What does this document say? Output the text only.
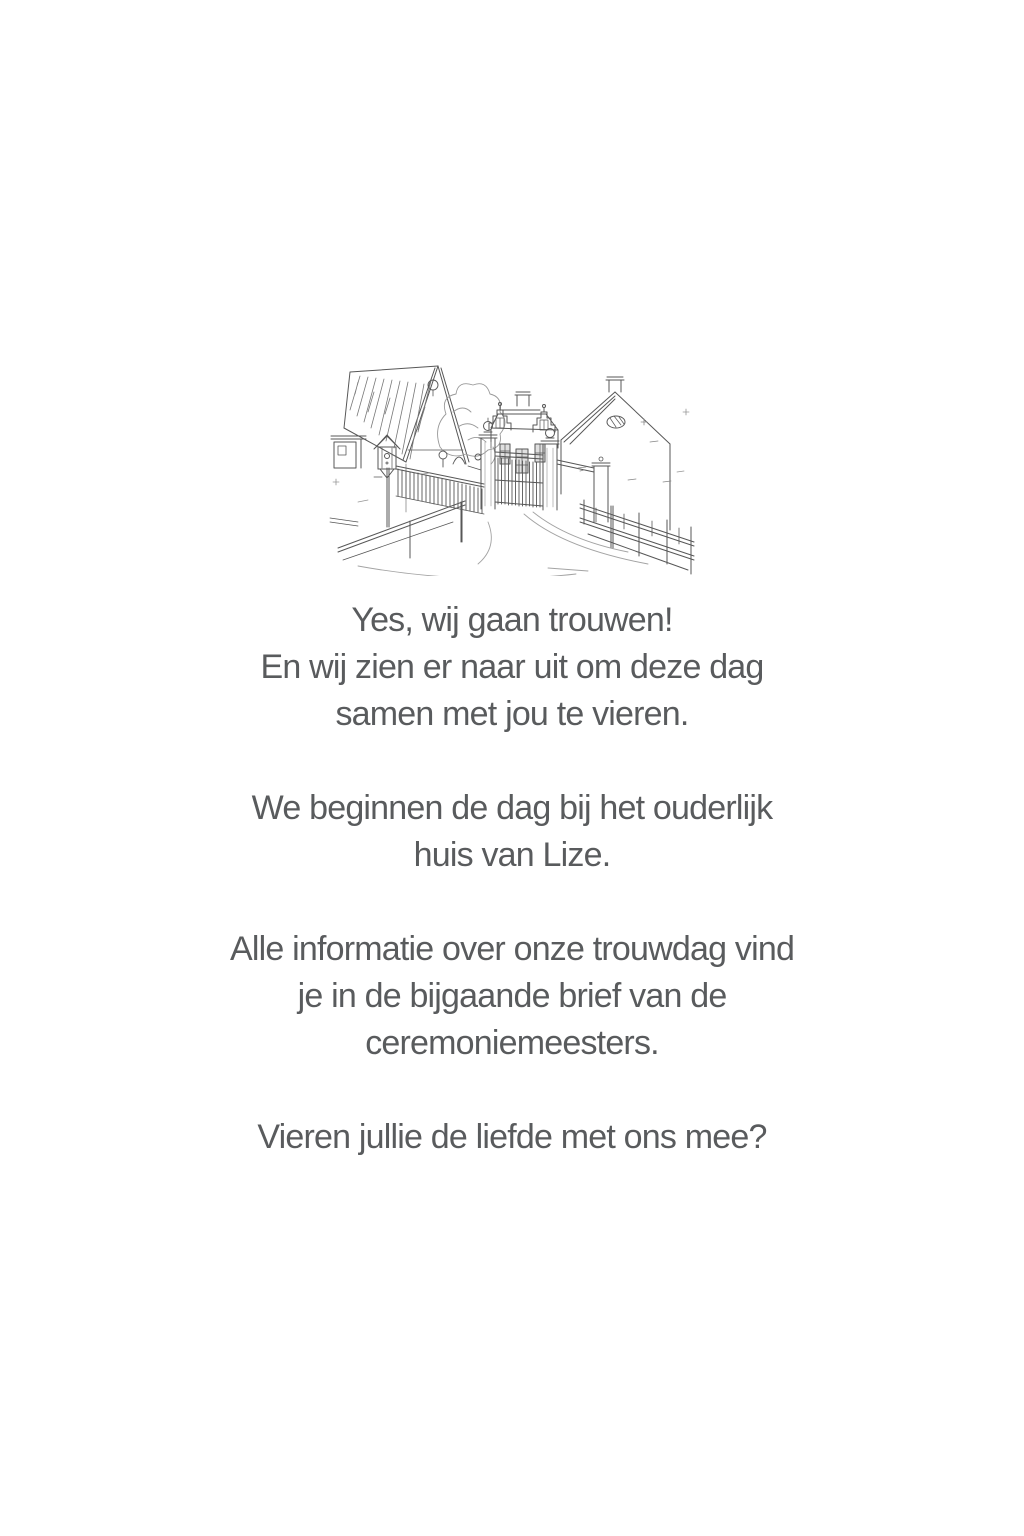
Yes, wij gaan trouwen!
En wij zien er naar uit om deze dag
samen met jou te vieren.

We beginnen de dag bij het ouderlijk
huis van Lize.

Alle informatie over onze trouwdag vind
je in de bijgaande brief van de
ceremoniemeesters.

Vieren jullie de liefde met ons mee?
